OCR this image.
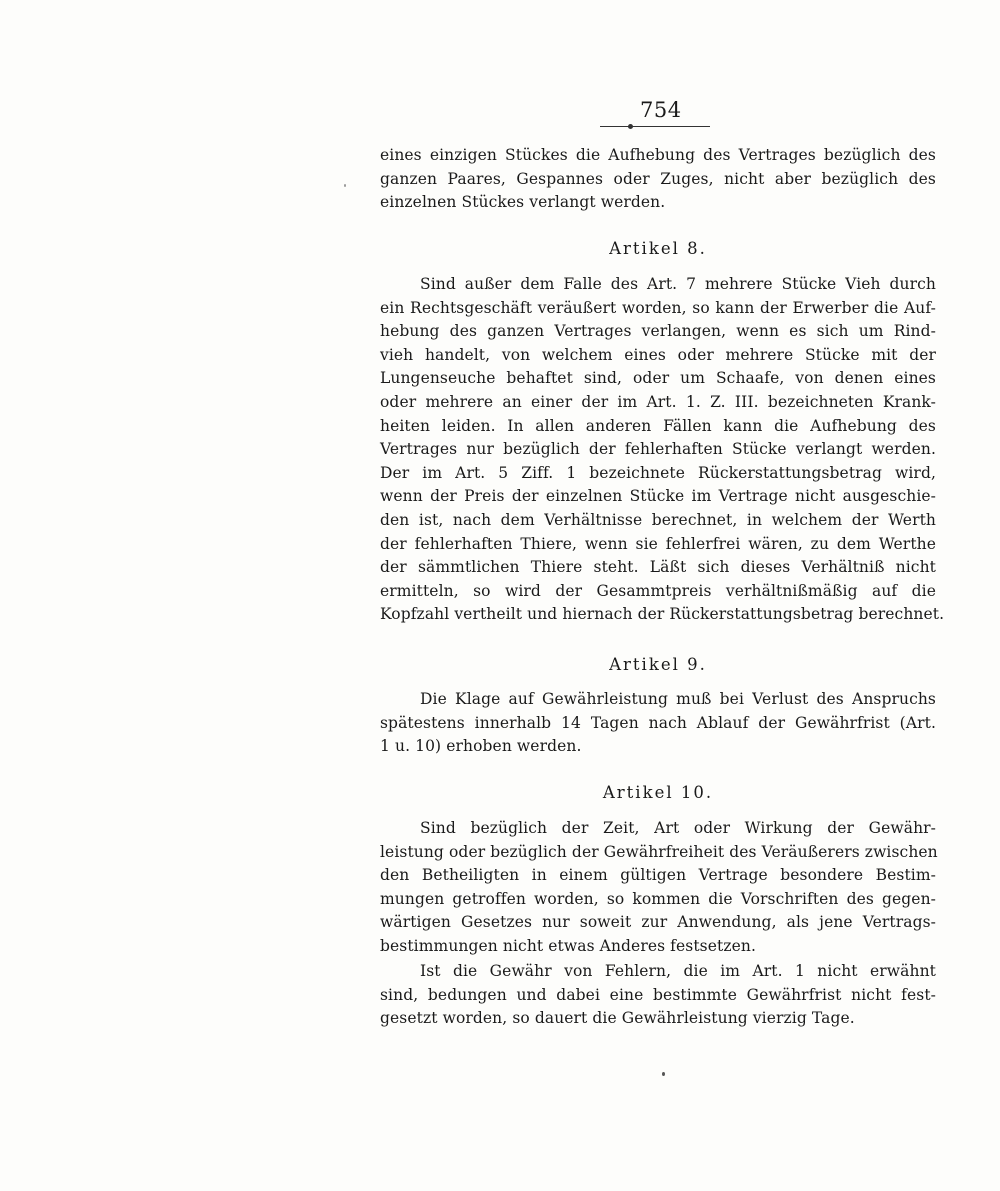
754
eines einzigen Stückes die Aufhebung des Vertrages bezüglich des
ganzen Paares, Gespannes oder Zuges, nicht aber bezüglich des
einzelnen Stückes verlangt werden.
Artikel 8.
Sind außer dem Falle des Art. 7 mehrere Stücke Vieh durch
ein Rechtsgeschäft veräußert worden, so kann der Erwerber die Auf-
hebung des ganzen Vertrages verlangen, wenn es sich um Rind-
vieh handelt, von welchem eines oder mehrere Stücke mit der
Lungenseuche behaftet sind, oder um Schaafe, von denen eines
oder mehrere an einer der im Art. 1. Z. III. bezeichneten Krank-
heiten leiden. In allen anderen Fällen kann die Aufhebung des
Vertrages nur bezüglich der fehlerhaften Stücke verlangt werden.
Der im Art. 5 Ziff. 1 bezeichnete Rückerstattungsbetrag wird,
wenn der Preis der einzelnen Stücke im Vertrage nicht ausgeschie-
den ist, nach dem Verhältnisse berechnet, in welchem der Werth
der fehlerhaften Thiere, wenn sie fehlerfrei wären, zu dem Werthe
der sämmtlichen Thiere steht. Läßt sich dieses Verhältniß nicht
ermitteln, so wird der Gesammtpreis verhältnißmäßig auf die
Kopfzahl vertheilt und hiernach der Rückerstattungsbetrag berechnet.
Artikel 9.
Die Klage auf Gewährleistung muß bei Verlust des Anspruchs
spätestens innerhalb 14 Tagen nach Ablauf der Gewährfrist (Art.
1 u. 10) erhoben werden.
Artikel 10.
Sind bezüglich der Zeit, Art oder Wirkung der Gewähr-
leistung oder bezüglich der Gewährfreiheit des Veräußerers zwischen
den Betheiligten in einem gültigen Vertrage besondere Bestim-
mungen getroffen worden, so kommen die Vorschriften des gegen-
wärtigen Gesetzes nur soweit zur Anwendung, als jene Vertrags-
bestimmungen nicht etwas Anderes festsetzen.
Ist die Gewähr von Fehlern, die im Art. 1 nicht erwähnt
sind, bedungen und dabei eine bestimmte Gewährfrist nicht fest-
gesetzt worden, so dauert die Gewährleistung vierzig Tage.
